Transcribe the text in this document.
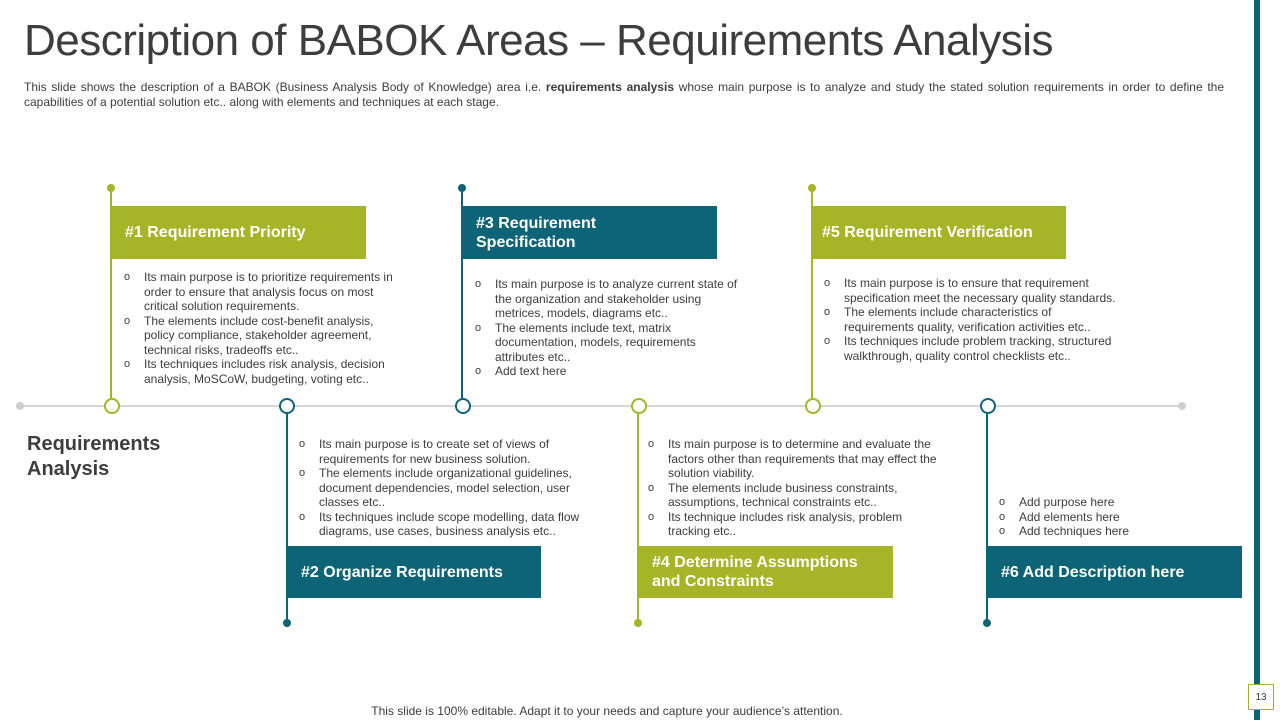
Description of BABOK Areas – Requirements Analysis
This slide shows the description of a BABOK (Business Analysis Body of Knowledge) area i.e. requirements analysis whose main purpose is to analyze and study the stated solution requirements in order to define the capabilities of a potential solution etc.. along with elements and techniques at each stage.
Requirements
Analysis
#1 Requirement Priority
o Its main purpose is to prioritize requirements in order to ensure that analysis focus on most critical solution requirements.
o The elements include cost-benefit analysis, policy compliance, stakeholder agreement, technical risks, tradeoffs etc..
o Its techniques includes risk analysis, decision analysis, MoSCoW, budgeting, voting etc..
o Its main purpose is to create set of views of requirements for new business solution.
o The elements include organizational guidelines, document dependencies, model selection, user classes etc..
o Its techniques include scope modelling, data flow diagrams, use cases, business analysis etc..
#2 Organize Requirements
#3 Requirement
Specification
o Its main purpose is to analyze current state of the organization and stakeholder using metrices, models, diagrams etc..
o The elements include text, matrix documentation, models, requirements attributes etc..
o Add text here
o Its main purpose is to determine and evaluate the factors other than requirements that may effect the solution viability.
o The elements include business constraints, assumptions, technical constraints etc..
o Its technique includes risk analysis, problem tracking etc..
#4 Determine Assumptions
and Constraints
#5 Requirement Verification
o Its main purpose is to ensure that requirement specification meet the necessary quality standards.
o The elements include characteristics of requirements quality, verification activities etc..
o Its techniques include problem tracking, structured walkthrough, quality control checklists etc..
o Add purpose here
o Add elements here
o Add techniques here
#6 Add Description here
This slide is 100% editable. Adapt it to your needs and capture your audience’s attention.
13
